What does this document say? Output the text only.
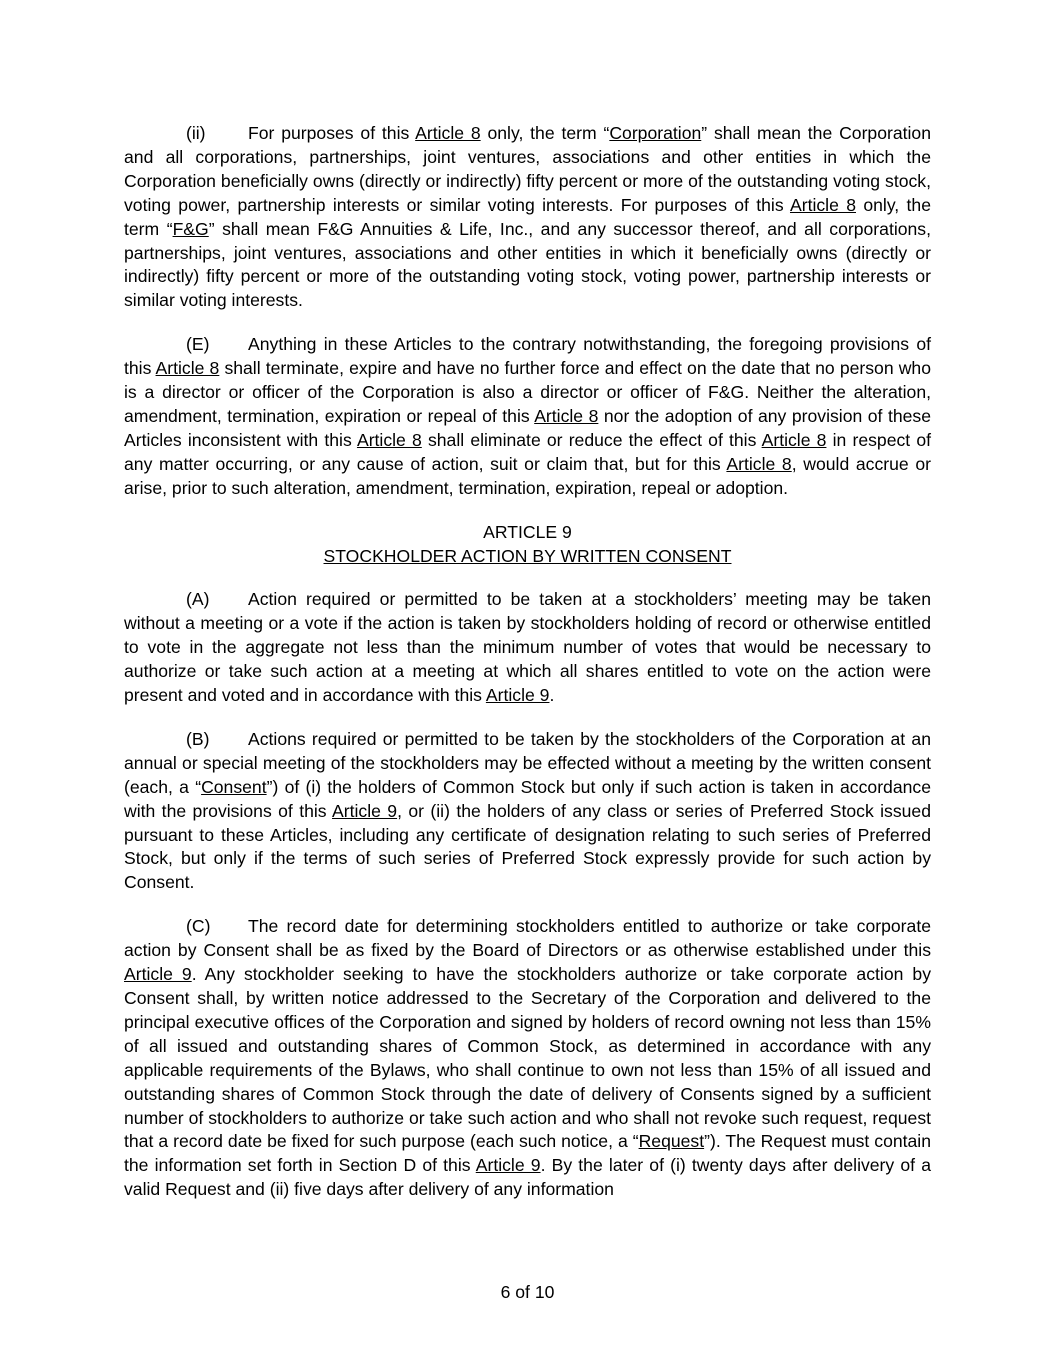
(ii) For purposes of this Article 8 only, the term “Corporation” shall mean the Corporation and all corporations, partnerships, joint ventures, associations and other entities in which the Corporation beneficially owns (directly or indirectly) fifty percent or more of the outstanding voting stock, voting power, partnership interests or similar voting interests. For purposes of this Article 8 only, the term “F&G” shall mean F&G Annuities & Life, Inc., and any successor thereof, and all corporations, partnerships, joint ventures, associations and other entities in which it beneficially owns (directly or indirectly) fifty percent or more of the outstanding voting stock, voting power, partnership interests or similar voting interests.

(E) Anything in these Articles to the contrary notwithstanding, the foregoing provisions of this Article 8 shall terminate, expire and have no further force and effect on the date that no person who is a director or officer of the Corporation is also a director or officer of F&G. Neither the alteration, amendment, termination, expiration or repeal of this Article 8 nor the adoption of any provision of these Articles inconsistent with this Article 8 shall eliminate or reduce the effect of this Article 8 in respect of any matter occurring, or any cause of action, suit or claim that, but for this Article 8, would accrue or arise, prior to such alteration, amendment, termination, expiration, repeal or adoption.

ARTICLE 9
STOCKHOLDER ACTION BY WRITTEN CONSENT

(A) Action required or permitted to be taken at a stockholders’ meeting may be taken without a meeting or a vote if the action is taken by stockholders holding of record or otherwise entitled to vote in the aggregate not less than the minimum number of votes that would be necessary to authorize or take such action at a meeting at which all shares entitled to vote on the action were present and voted and in accordance with this Article 9.

(B) Actions required or permitted to be taken by the stockholders of the Corporation at an annual or special meeting of the stockholders may be effected without a meeting by the written consent (each, a “Consent”) of (i) the holders of Common Stock but only if such action is taken in accordance with the provisions of this Article 9, or (ii) the holders of any class or series of Preferred Stock issued pursuant to these Articles, including any certificate of designation relating to such series of Preferred Stock, but only if the terms of such series of Preferred Stock expressly provide for such action by Consent.

(C) The record date for determining stockholders entitled to authorize or take corporate action by Consent shall be as fixed by the Board of Directors or as otherwise established under this Article 9. Any stockholder seeking to have the stockholders authorize or take corporate action by Consent shall, by written notice addressed to the Secretary of the Corporation and delivered to the principal executive offices of the Corporation and signed by holders of record owning not less than 15% of all issued and outstanding shares of Common Stock, as determined in accordance with any applicable requirements of the Bylaws, who shall continue to own not less than 15% of all issued and outstanding shares of Common Stock through the date of delivery of Consents signed by a sufficient number of stockholders to authorize or take such action and who shall not revoke such request, request that a record date be fixed for such purpose (each such notice, a “Request”). The Request must contain the information set forth in Section D of this Article 9. By the later of (i) twenty days after delivery of a valid Request and (ii) five days after delivery of any information

6 of 10
